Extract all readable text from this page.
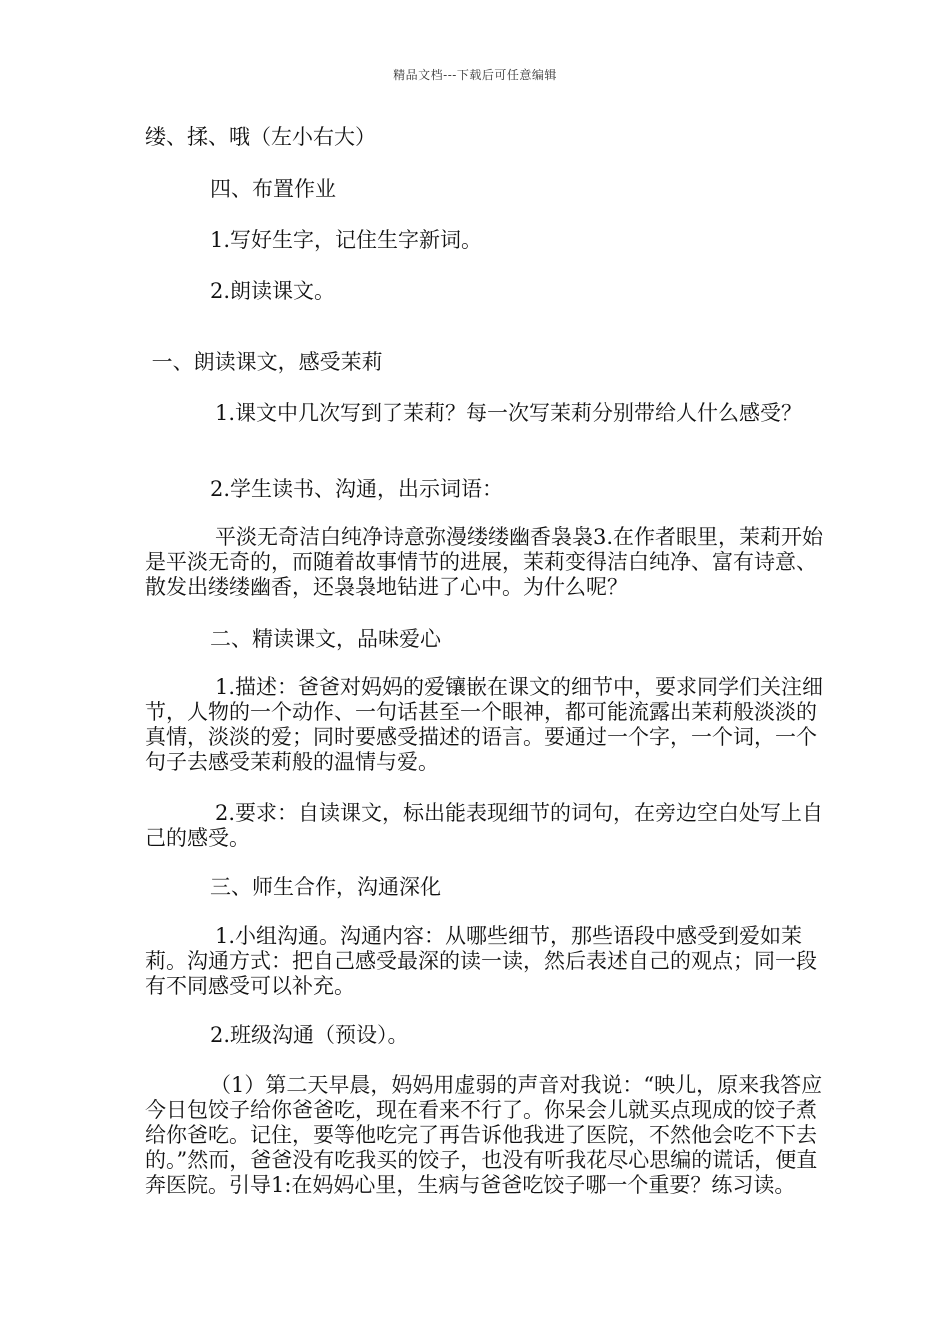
精品文档---下载后可任意编辑

缕、揉、哦（左小右大）

四、布置作业

1.写好生字，记住生字新词。

2.朗读课文。

一、朗读课文，感受茉莉

1.课文中几次写到了茉莉？每一次写茉莉分别带给人什么感受？

2.学生读书、沟通，出示词语：

平淡无奇洁白纯净诗意弥漫缕缕幽香袅袅3.在作者眼里，茉莉开始是平淡无奇的，而随着故事情节的进展，茉莉变得洁白纯净、富有诗意、散发出缕缕幽香，还袅袅地钻进了心中。为什么呢？

二、精读课文，品味爱心

1.描述：爸爸对妈妈的爱镶嵌在课文的细节中，要求同学们关注细节，人物的一个动作、一句话甚至一个眼神，都可能流露出茉莉般淡淡的真情，淡淡的爱；同时要感受描述的语言。要通过一个字，一个词，一个句子去感受茉莉般的温情与爱。

2.要求：自读课文，标出能表现细节的词句，在旁边空白处写上自己的感受。

三、师生合作，沟通深化

1.小组沟通。沟通内容：从哪些细节，那些语段中感受到爱如茉莉。沟通方式：把自己感受最深的读一读，然后表述自己的观点；同一段有不同感受可以补充。

2.班级沟通（预设）。

（1）第二天早晨，妈妈用虚弱的声音对我说：“映儿，原来我答应今日包饺子给你爸爸吃，现在看来不行了。你呆会儿就买点现成的饺子煮给你爸吃。记住，要等他吃完了再告诉他我进了医院，不然他会吃不下去的。”然而，爸爸没有吃我买的饺子，也没有听我花尽心思编的谎话，便直奔医院。引导1:在妈妈心里，生病与爸爸吃饺子哪一个重要？练习读。
